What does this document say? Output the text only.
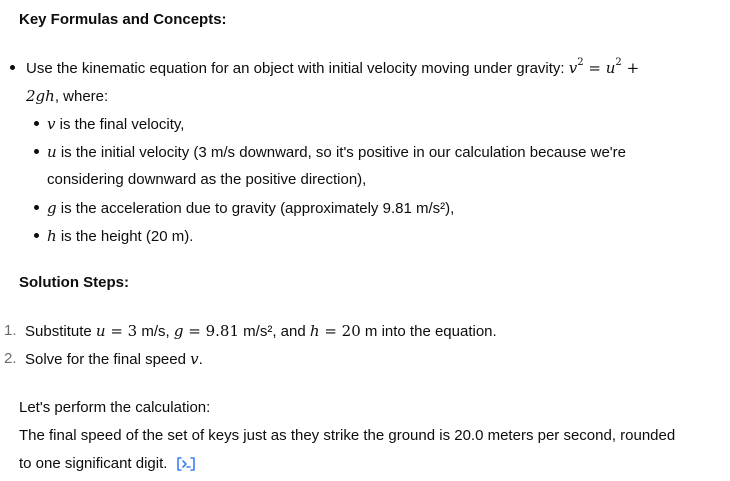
Key Formulas and Concepts:
Use the kinematic equation for an object with initial velocity moving under gravity: $v^2 = u^2$ +
2gh, where:
v is the final velocity,
u is the initial velocity (3 m/s downward, so it's positive in our calculation because we're
considering downward as the positive direction),
g is the acceleration due to gravity (approximately 9.81 m/s²),
h is the height (20 m).
Solution Steps:
1. Substitute u = 3 m/s, g = 9.81 m/s², and h = 20 m into the equation.
2. Solve for the final speed v.
Let's perform the calculation:
The final speed of the set of keys just as they strike the ground is 20.0 meters per second, rounded
to one significant digit.
